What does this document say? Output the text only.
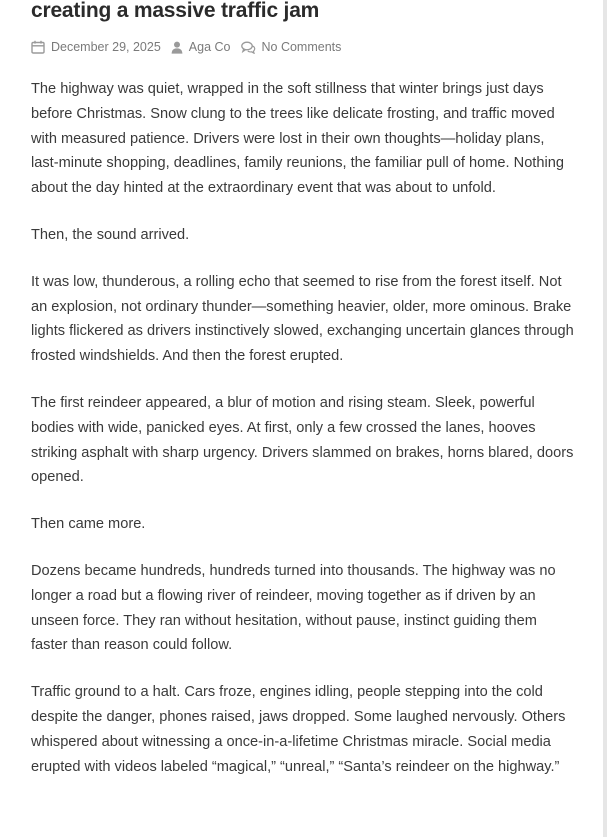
creating a massive traffic jam
December 29, 2025 Aga Co No Comments

The highway was quiet, wrapped in the soft stillness that winter brings just days before Christmas. Snow clung to the trees like delicate frosting, and traffic moved with measured patience. Drivers were lost in their own thoughts—holiday plans, last-minute shopping, deadlines, family reunions, the familiar pull of home. Nothing about the day hinted at the extraordinary event that was about to unfold.

Then, the sound arrived.

It was low, thunderous, a rolling echo that seemed to rise from the forest itself. Not an explosion, not ordinary thunder—something heavier, older, more ominous. Brake lights flickered as drivers instinctively slowed, exchanging uncertain glances through frosted windshields. And then the forest erupted.

The first reindeer appeared, a blur of motion and rising steam. Sleek, powerful bodies with wide, panicked eyes. At first, only a few crossed the lanes, hooves striking asphalt with sharp urgency. Drivers slammed on brakes, horns blared, doors opened.

Then came more.

Dozens became hundreds, hundreds turned into thousands. The highway was no longer a road but a flowing river of reindeer, moving together as if driven by an unseen force. They ran without hesitation, without pause, instinct guiding them faster than reason could follow.

Traffic ground to a halt. Cars froze, engines idling, people stepping into the cold despite the danger, phones raised, jaws dropped. Some laughed nervously. Others whispered about witnessing a once-in-a-lifetime Christmas miracle. Social media erupted with videos labeled “magical,” “unreal,” “Santa’s reindeer on the highway.”
